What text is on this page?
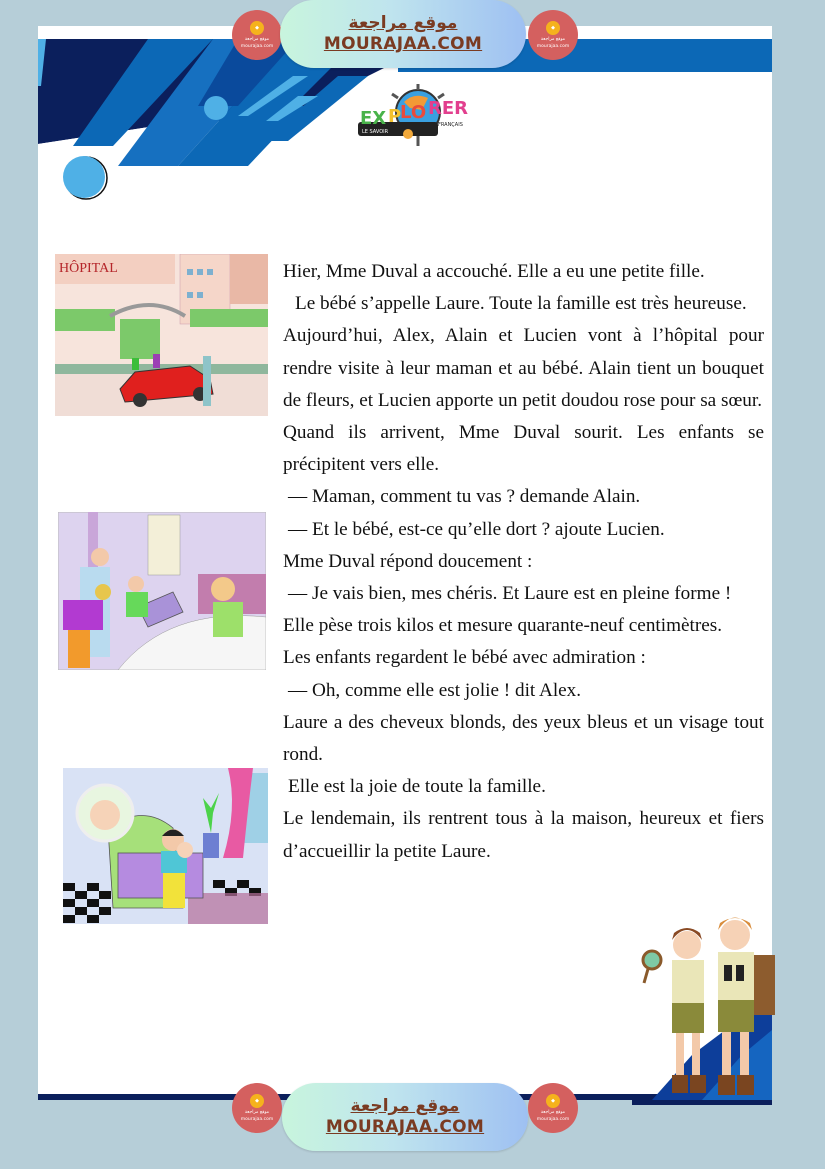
◆
موقع مراجعة
mourajaa.com
موقع مراجعة
MOURAJAA.COM
◆
موقع مراجعة
mourajaa.com
EX P
LO RER
LE SAVOIR
FRANÇAIS
HÔPITAL	Hier, Mme Duval a accouché. Elle a eu une petite fille.

Le bébé s’appelle Laure. Toute la famille est très heureuse.

Aujourd’hui, Alex, Alain et Lucien vont à l’hôpital pour rendre visite à leur maman et au bébé. Alain tient un bouquet de fleurs, et Lucien apporte un petit doudou rose pour sa sœur.

Quand ils arrivent, Mme Duval sourit. Les enfants se précipitent vers elle.

— Maman, comment tu vas ? demande Alain.

— Et le bébé, est-ce qu’elle dort ? ajoute Lucien.

Mme Duval répond doucement :

— Je vais bien, mes chéris. Et Laure est en pleine forme !

Elle pèse trois kilos et mesure quarante-neuf centimètres.

Les enfants regardent le bébé avec admiration :

— Oh, comme elle est jolie ! dit Alex.

Laure a des cheveux blonds, des yeux bleus et un visage tout rond.

Elle est la joie de toute la famille.

Le lendemain, ils rentrent tous à la maison, heureux et fiers d’accueillir la petite Laure.

◆
موقع مراجعة
mourajaa.com
موقع مراجعة
MOURAJAA.COM
◆
موقع مراجعة
mourajaa.com
